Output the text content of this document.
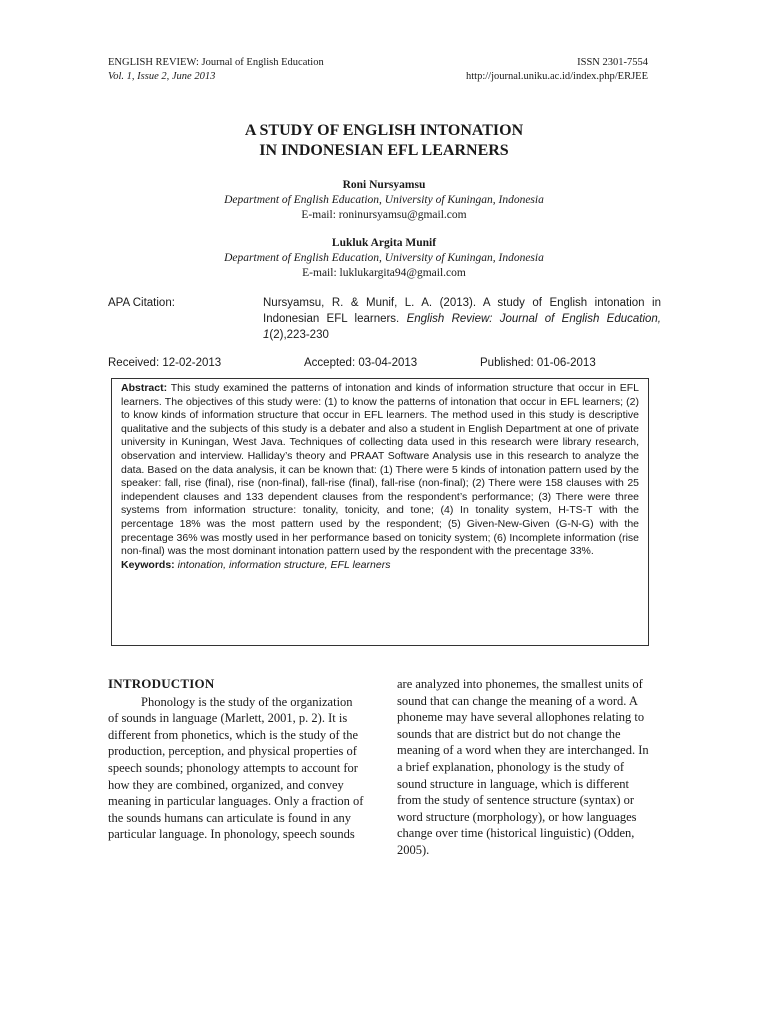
ENGLISH REVIEW: Journal of English Education	ISSN 2301-7554
Vol. 1, Issue 2, June 2013	http://journal.uniku.ac.id/index.php/ERJEE
A STUDY OF ENGLISH INTONATION
IN INDONESIAN EFL LEARNERS
Roni Nursyamsu
Department of English Education, University of Kuningan, Indonesia
E-mail: roninursyamsu@gmail.com
Lukluk Argita Munif
Department of English Education, University of Kuningan, Indonesia
E-mail: luklukargita94@gmail.com
APA Citation:	Nursyamsu, R. & Munif, L. A. (2013). A study of English intonation in Indonesian EFL learners. English Review: Journal of English Education, 1(2),223-230
Received: 12-02-2013	Accepted: 03-04-2013	Published: 01-06-2013
Abstract: This study examined the patterns of intonation and kinds of information structure that occur in EFL learners. The objectives of this study were: (1) to know the patterns of intonation that occur in EFL learners; (2) to know kinds of information structure that occur in EFL learners. The method used in this study is descriptive qualitative and the subjects of this study is a debater and also a student in English Department at one of private university in Kuningan, West Java. Techniques of collecting data used in this research were library research, observation and interview. Halliday’s theory and PRAAT Software Analysis use in this research to analyze the data. Based on the data analysis, it can be known that: (1) There were 5 kinds of intonation pattern used by the speaker: fall, rise (final), rise (non-final), fall-rise (final), fall-rise (non-final); (2) There were 158 clauses with 25 independent clauses and 133 dependent clauses from the respondent’s performance; (3) There were three systems from information structure: tonality, tonicity, and tone; (4) In tonality system, H-TS-T with the percentage 18% was the most pattern used by the respondent; (5) Given-New-Given (G-N-G) with the precentage 36% was mostly used in her performance based on tonicity system; (6) Incomplete information (rise non-final) was the most dominant intonation pattern used by the respondent with the precentage 33%.
Keywords: intonation, information structure, EFL learners
INTRODUCTION

Phonology is the study of the organization of sounds in language (Marlett, 2001, p. 2). It is different from phonetics, which is the study of the production, perception, and physical properties of speech sounds; phonology attempts to account for how they are combined, organized, and convey meaning in particular languages. Only a fraction of the sounds humans can articulate is found in any particular language. In phonology, speech sounds

are analyzed into phonemes, the smallest units of sound that can change the meaning of a word. A phoneme may have several allophones relating to sounds that are district but do not change the meaning of a word when they are interchanged. In a brief explanation, phonology is the study of sound structure in language, which is different from the study of sentence structure (syntax) or word structure (morphology), or how languages change over time (historical linguistic) (Odden, 2005).
